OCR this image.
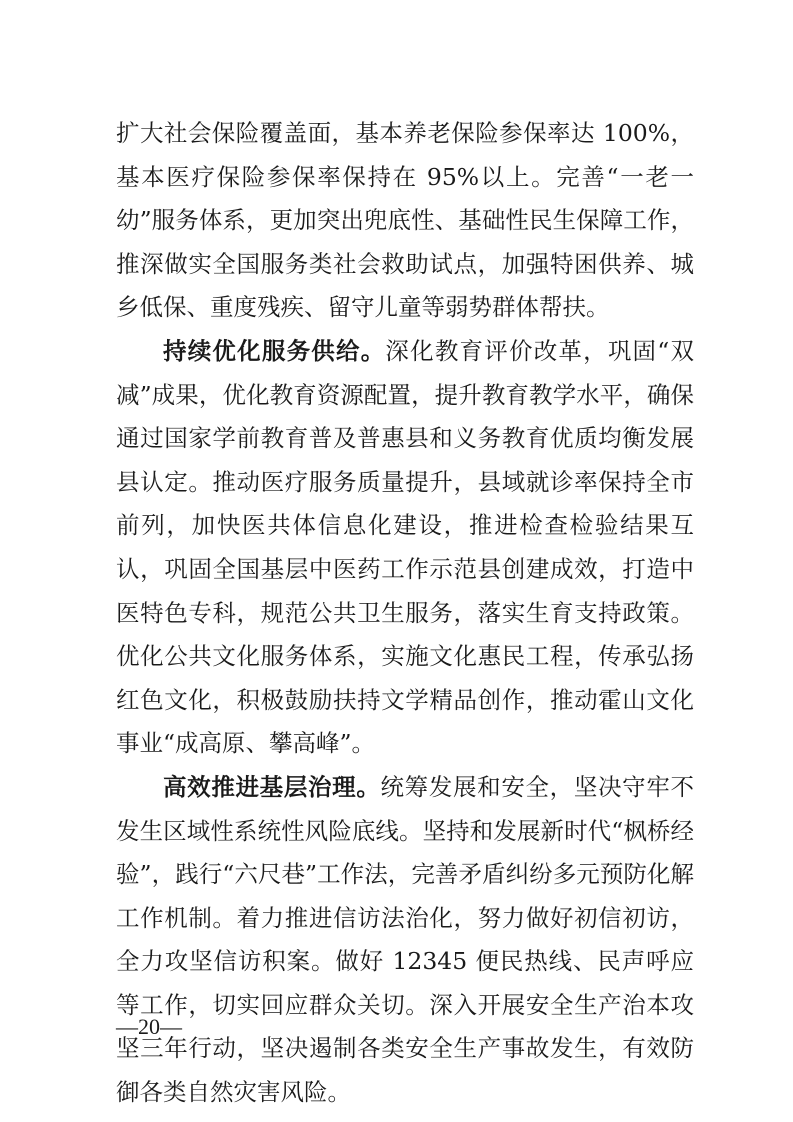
扩大社会保险覆盖面，基本养老保险参保率达 100%，基本医疗保险参保率保持在 95%以上。完善“一老一幼”服务体系，更加突出兜底性、基础性民生保障工作，推深做实全国服务类社会救助试点，加强特困供养、城乡低保、重度残疾、留守儿童等弱势群体帮扶。

持续优化服务供给。深化教育评价改革，巩固“双减”成果，优化教育资源配置，提升教育教学水平，确保通过国家学前教育普及普惠县和义务教育优质均衡发展县认定。推动医疗服务质量提升，县域就诊率保持全市前列，加快医共体信息化建设，推进检查检验结果互认，巩固全国基层中医药工作示范县创建成效，打造中医特色专科，规范公共卫生服务，落实生育支持政策。优化公共文化服务体系，实施文化惠民工程，传承弘扬红色文化，积极鼓励扶持文学精品创作，推动霍山文化事业“成高原、攀高峰”。

高效推进基层治理。统筹发展和安全，坚决守牢不发生区域性系统性风险底线。坚持和发展新时代“枫桥经验”，践行“六尺巷”工作法，完善矛盾纠纷多元预防化解工作机制。着力推进信访法治化，努力做好初信初访，全力攻坚信访积案。做好 12345 便民热线、民声呼应等工作，切实回应群众关切。深入开展安全生产治本攻坚三年行动，坚决遏制各类安全生产事故发生，有效防御各类自然灾害风险。

—20—
